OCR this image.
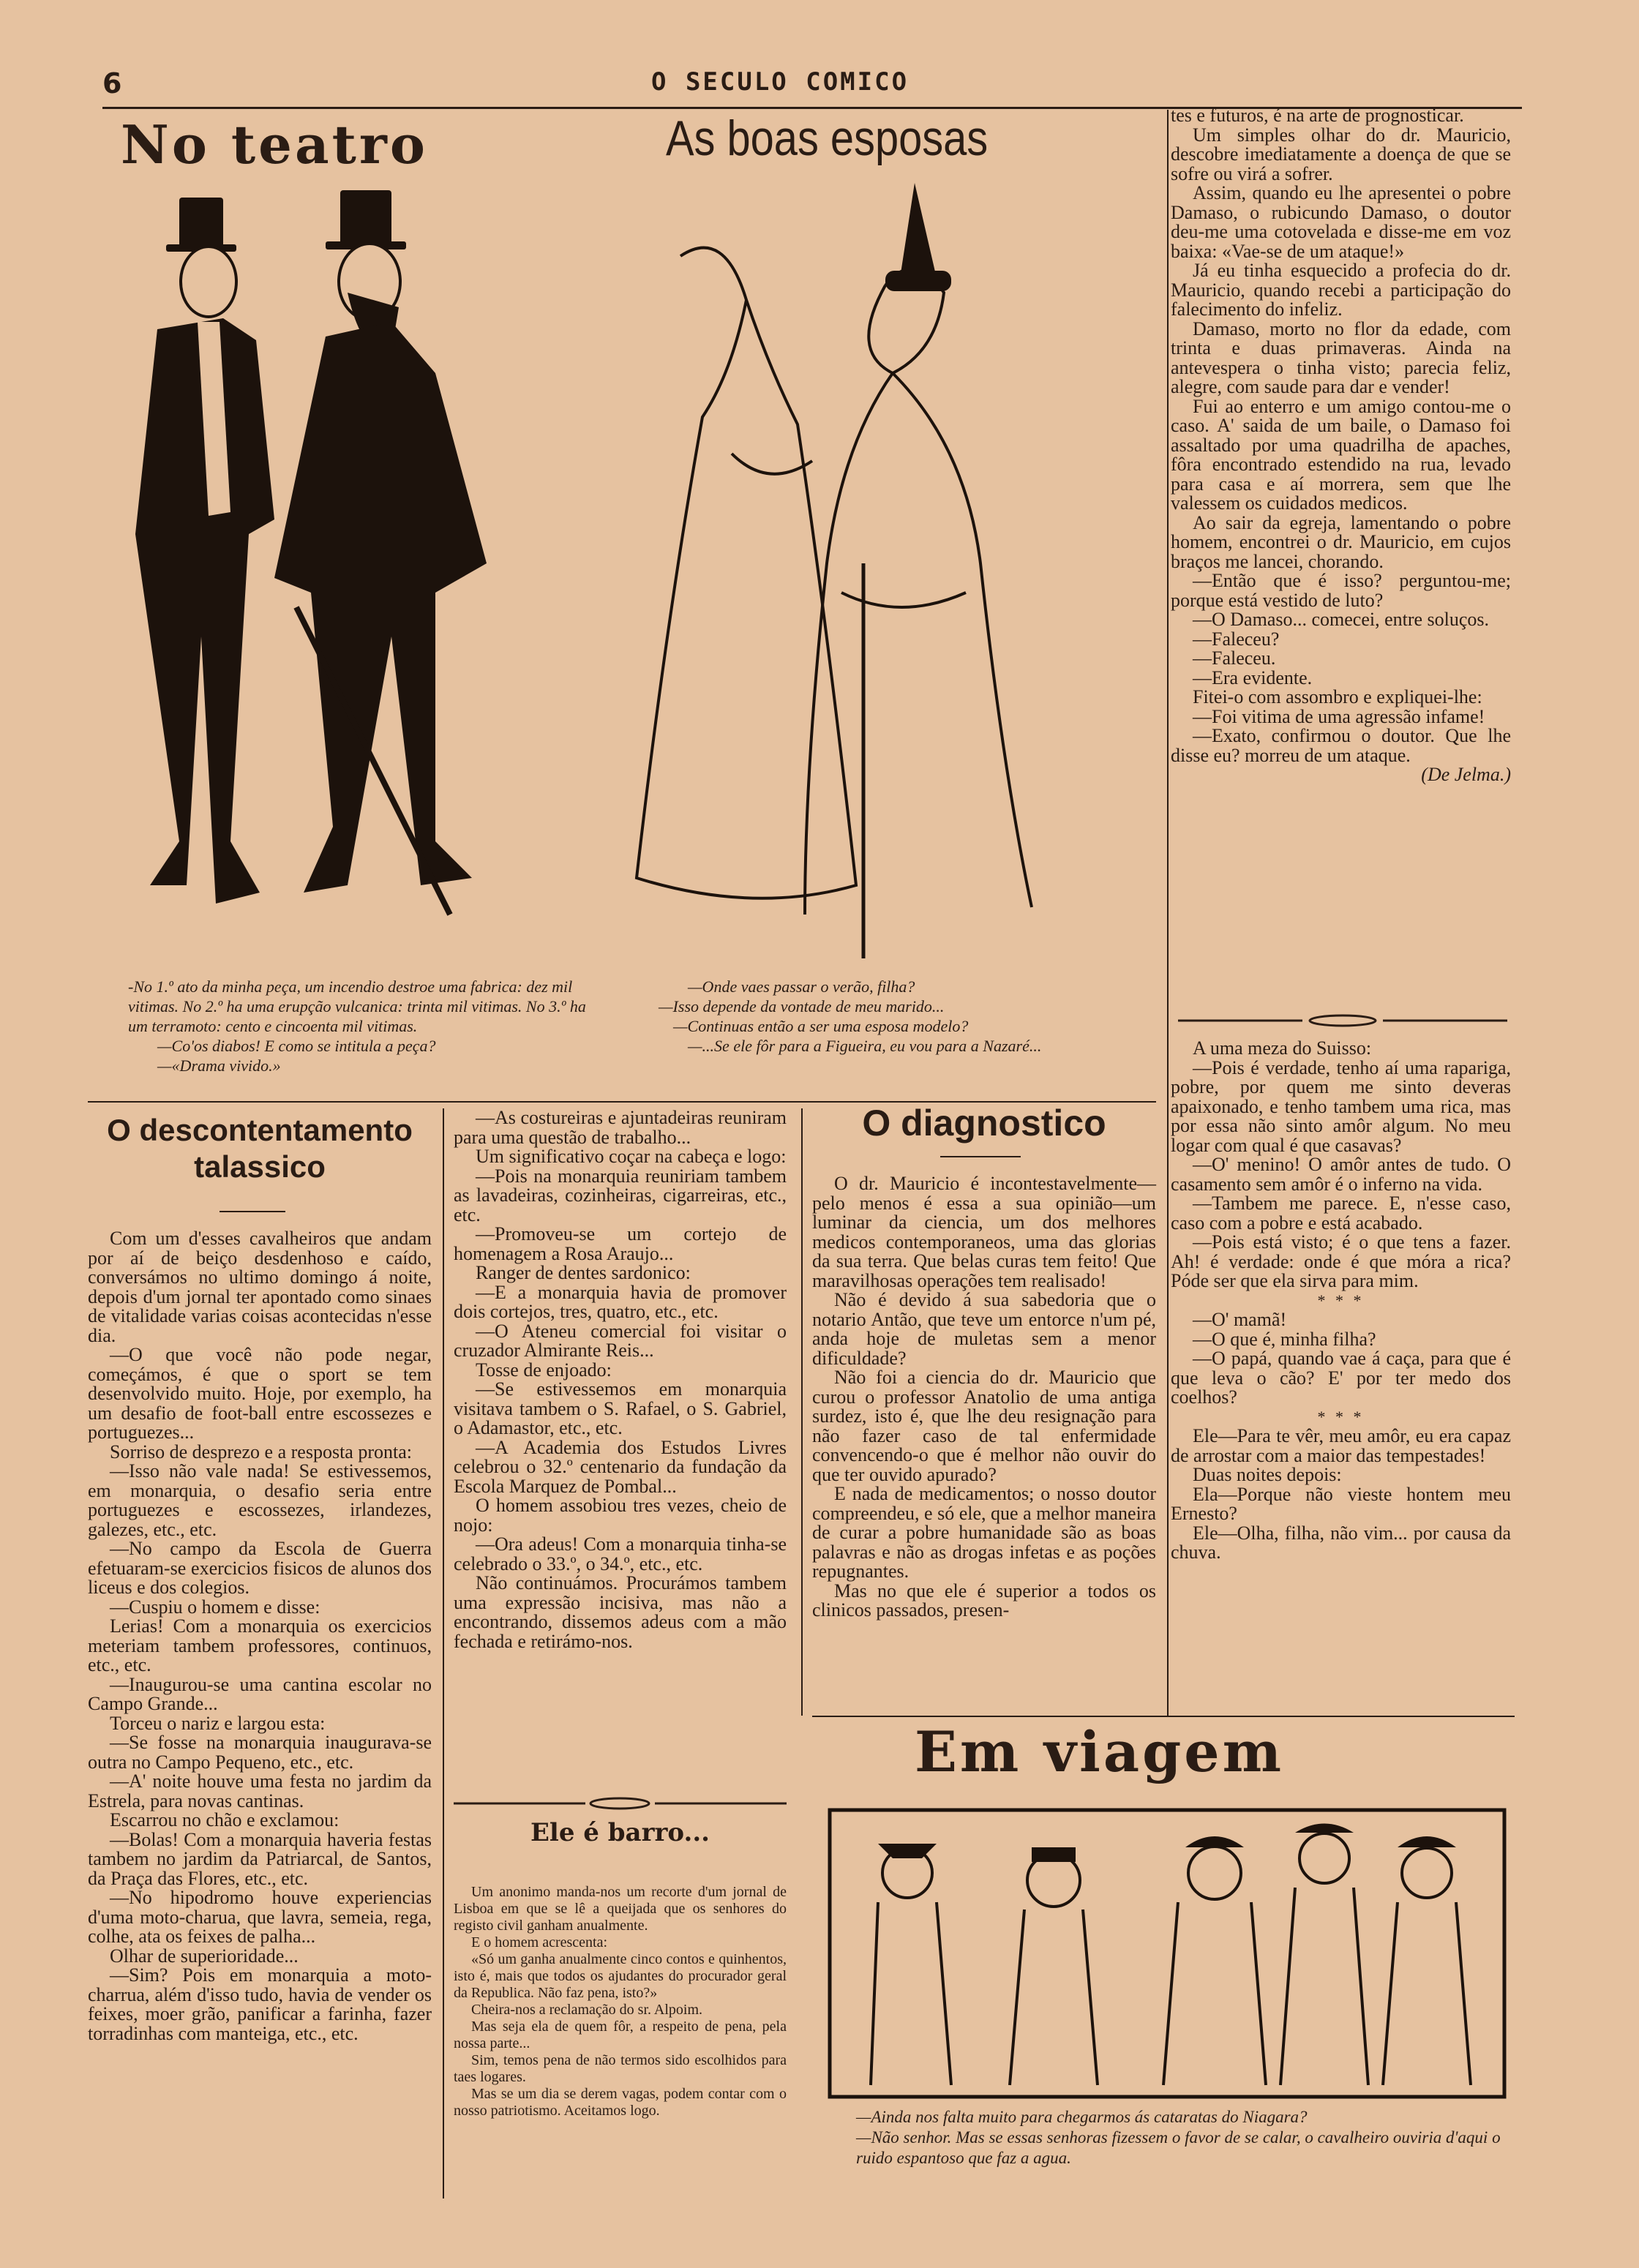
6	O SECULO COMICO
No teatro
-No 1.º ato da minha peça, um incendio destroe uma fabrica: dez mil vitimas. No 2.º ha uma erupção vulcanica: trinta mil vitimas. No 3.º ha um terramoto: cento e cincoenta mil vitimas.
—Co'os diabos! E como se intitula a peça?
—«Drama vivido.»
As boas esposas
—Onde vaes passar o verão, filha?
—Isso depende da vontade de meu marido...
—Continuas então a ser uma esposa modelo?
—...Se ele fôr para a Figueira, eu vou para a Nazaré...
O descontentamento
talassico

Com um d'esses cavalheiros que andam por aí de beiço desdenhoso e caído, conversámos no ultimo domingo á noite, depois d'um jornal ter apontado como sinaes de vitalidade varias coisas acontecidas n'esse dia.

—O que você não pode negar, começámos, é que o sport se tem desenvolvido muito. Hoje, por exemplo, ha um desafio de foot-ball entre escossezes e portuguezes...

Sorriso de desprezo e a resposta pronta:

—Isso não vale nada! Se estivessemos, em monarquia, o desafio seria entre portuguezes e escossezes, irlandezes, galezes, etc., etc.

—No campo da Escola de Guerra efetuaram-se exercicios fisicos de alunos dos liceus e dos colegios.

—Cuspiu o homem e disse:

Lerias! Com a monarquia os exercicios meteriam tambem professores, continuos, etc., etc.

—Inaugurou-se uma cantina escolar no Campo Grande...

Torceu o nariz e largou esta:

—Se fosse na monarquia inaugurava-se outra no Campo Pequeno, etc., etc.

—A' noite houve uma festa no jardim da Estrela, para novas cantinas.

Escarrou no chão e exclamou:

—Bolas! Com a monarquia haveria festas tambem no jardim da Patriarcal, de Santos, da Praça das Flores, etc., etc.

—No hipodromo houve experiencias d'uma moto-charua, que lavra, semeia, rega, colhe, ata os feixes de palha...

Olhar de superioridade...

—Sim? Pois em monarquia a moto-charrua, além d'isso tudo, havia de vender os feixes, moer grão, panificar a farinha, fazer torradinhas com manteiga, etc., etc.

—As costureiras e ajuntadeiras reuniram para uma questão de trabalho...

Um significativo coçar na cabeça e logo:

—Pois na monarquia reuniriam tambem as lavadeiras, cozinheiras, cigarreiras, etc., etc.

—Promoveu-se um cortejo de homenagem a Rosa Araujo...

Ranger de dentes sardonico:

—E a monarquia havia de promover dois cortejos, tres, quatro, etc., etc.

—O Ateneu comercial foi visitar o cruzador Almirante Reis...

Tosse de enjoado:

—Se estivessemos em monarquia visitava tambem o S. Rafael, o S. Gabriel, o Adamastor, etc., etc.

—A Academia dos Estudos Livres celebrou o 32.º centenario da fundação da Escola Marquez de Pombal...

O homem assobiou tres vezes, cheio de nojo:

—Ora adeus! Com a monarquia tinha-se celebrado o 33.º, o 34.º, etc., etc.

Não continuámos. Procurámos tambem uma expressão incisiva, mas não a encontrando, dissemos adeus com a mão fechada e retirámo-nos.

Ele é barro...

Um anonimo manda-nos um recorte d'um jornal de Lisboa em que se lê a queijada que os senhores do registo civil ganham anualmente.

E o homem acrescenta:

«Só um ganha anualmente cinco contos e quinhentos, isto é, mais que todos os ajudantes do procurador geral da Republica. Não faz pena, isto?»

Cheira-nos a reclamação do sr. Alpoim.

Mas seja ela de quem fôr, a respeito de pena, pela nossa parte...

Sim, temos pena de não termos sido escolhidos para taes logares.

Mas se um dia se derem vagas, podem contar com o nosso patriotismo. Aceitamos logo.

O diagnostico

O dr. Mauricio é incontestavelmente—pelo menos é essa a sua opinião—um luminar da ciencia, um dos melhores medicos contemporaneos, uma das glorias da sua terra. Que belas curas tem feito! Que maravilhosas operações tem realisado!

Não é devido á sua sabedoria que o notario Antão, que teve um entorce n'um pé, anda hoje de muletas sem a menor dificuldade?

Não foi a ciencia do dr. Mauricio que curou o professor Anatolio de uma antiga surdez, isto é, que lhe deu resignação para não fazer caso de tal enfermidade convencendo-o que é melhor não ouvir do que ter ouvido apurado?

E nada de medicamentos; o nosso doutor compreendeu, e só ele, que a melhor maneira de curar a pobre humanidade são as boas palavras e não as drogas infetas e as poções repugnantes.

Mas no que ele é superior a todos os clinicos passados, presen-

tes e futuros, é na arte de prognosticar.

Um simples olhar do dr. Mauricio, descobre imediatamente a doença de que se sofre ou virá a sofrer.

Assim, quando eu lhe apresentei o pobre Damaso, o rubicundo Damaso, o doutor deu-me uma cotovelada e disse-me em voz baixa: «Vae-se de um ataque!»

Já eu tinha esquecido a profecia do dr. Mauricio, quando recebi a participação do falecimento do infeliz.

Damaso, morto no flor da edade, com trinta e duas primaveras. Ainda na antevespera o tinha visto; parecia feliz, alegre, com saude para dar e vender!

Fui ao enterro e um amigo contou-me o caso. A' saida de um baile, o Damaso foi assaltado por uma quadrilha de apaches, fôra encontrado estendido na rua, levado para casa e aí morrera, sem que lhe valessem os cuidados medicos.

Ao sair da egreja, lamentando o pobre homem, encontrei o dr. Mauricio, em cujos braços me lancei, chorando.

—Então que é isso? perguntou-me; porque está vestido de luto?

—O Damaso... comecei, entre soluços.

—Faleceu?

—Faleceu.

—Era evidente.

Fitei-o com assombro e expliquei-lhe:

—Foi vitima de uma agressão infame!

—Exato, confirmou o doutor. Que lhe disse eu? morreu de um ataque.

(De Jelma.)

A uma meza do Suisso:

—Pois é verdade, tenho aí uma rapariga, pobre, por quem me sinto deveras apaixonado, e tenho tambem uma rica, mas por essa não sinto amôr algum. No meu logar com qual é que casavas?

—O' menino! O amôr antes de tudo. O casamento sem amôr é o inferno na vida.

—Tambem me parece. E, n'esse caso, caso com a pobre e está acabado.

—Pois está visto; é o que tens a fazer. Ah! é verdade: onde é que móra a rica? Póde ser que ela sirva para mim.

* * *

—O' mamã!

—O que é, minha filha?

—O papá, quando vae á caça, para que é que leva o cão? E' por ter medo dos coelhos?

* * *

Ele—Para te vêr, meu amôr, eu era capaz de arrostar com a maior das tempestades!

Duas noites depois:

Ela—Porque não vieste hontem meu Ernesto?

Ele—Olha, filha, não vim... por causa da chuva.

Em viagem
—Ainda nos falta muito para chegarmos ás cataratas do Niagara?
—Não senhor. Mas se essas senhoras fizessem o favor de se calar, o cavalheiro ouviria d'aqui o ruido espantoso que faz a agua.
